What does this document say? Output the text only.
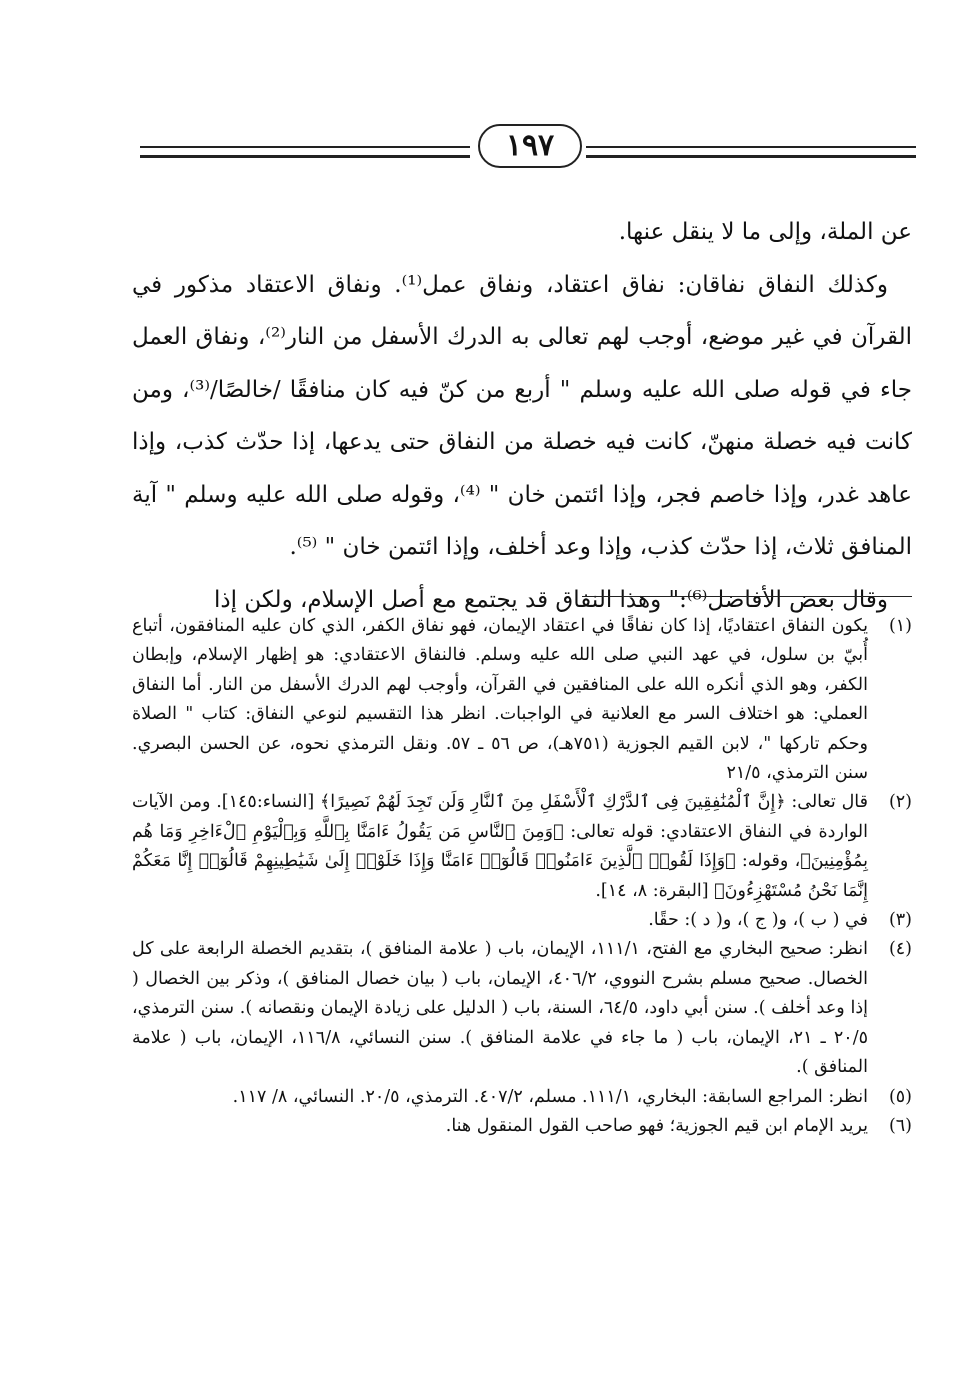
١٩٧

عن الملة، وإلى ما لا ينقل عنها.

وكذلك النفاق نفاقان: نفاق اعتقاد، ونفاق عمل⁽¹⁾. ونفاق الاعتقاد مذكور في القرآن في غير موضع، أوجب لهم تعالى به الدرك الأسفل من النار⁽²⁾، ونفاق العمل جاء في قوله صلى الله عليه وسلم " أربع من كنّ فيه كان منافقًا /خالصًا/⁽³⁾، ومن كانت فيه خصلة منهنّ، كانت فيه خصلة من النفاق حتى يدعها، إذا حدّث كذب، وإذا عاهد غدر، وإذا خاصم فجر، وإذا ائتمن خان " ⁽⁴⁾، وقوله صلى الله عليه وسلم " آية المنافق ثلاث، إذا حدّث كذب، وإذا وعد أخلف، وإذا ائتمن خان " ⁽⁵⁾.

وقال بعض الأفاضل⁽⁶⁾:" وهذا النفاق قد يجتمع مع أصل الإسلام، ولكن إذا

(١)
يكون النفاق اعتقاديًا، إذا كان نفاقًا في اعتقاد الإيمان، فهو نفاق الكفر، الذي كان عليه المنافقون، أتباع أُبيّ بن سلول، في عهد النبي صلى الله عليه وسلم. فالنفاق الاعتقادي: هو إظهار الإسلام، وإبطان الكفر، وهو الذي أنكره الله على المنافقين في القرآن، وأوجب لهم الدرك الأسفل من النار. أما النفاق العملي: هو اختلاف السر مع العلانية في الواجبات. انظر هذا التقسيم لنوعي النفاق: كتاب " الصلاة وحكم تاركها "، لابن القيم الجوزية (٧٥١هـ)، ص ٥٦ ـ ٥٧. ونقل الترمذي نحوه، عن الحسن البصري. سنن الترمذي، ٢١/٥
(٢)
قال تعالى: ﴿إِنَّ ٱلْمُنَٰفِقِينَ فِى ٱلدَّرْكِ ٱلْأَسْفَلِ مِنَ ٱلنَّارِ وَلَن تَجِدَ لَهُمْ نَصِيرًا﴾ [النساء:١٤٥]. ومن الآيات الواردة في النفاق الاعتقادي: قوله تعالى: ﴿وَمِنَ ٱلنَّاسِ مَن يَقُولُ ءَامَنَّا بِٱللَّهِ وَبِٱلْيَوْمِ ٱلْءَاخِرِ وَمَا هُم بِمُؤْمِنِينَ﴾، وقوله: ﴿وَإِذَا لَقُوا۟ ٱلَّذِينَ ءَامَنُوا۟ قَالُوٓا۟ ءَامَنَّا وَإِذَا خَلَوْا۟ إِلَىٰ شَيَٰطِينِهِمْ قَالُوٓا۟ إِنَّا مَعَكُمْ إِنَّمَا نَحْنُ مُسْتَهْزِءُونَ﴾ [البقرة: ٨، ١٤].
(٣)
في ( ب )، و( ج )، و( د ): حقًا.
(٤)
انظر: صحيح البخاري مع الفتح، ١١١/١، الإيمان، باب ( علامة المنافق )، بتقديم الخصلة الرابعة على كل الخصال. صحيح مسلم بشرح النووي، ٤٠٦/٢، الإيمان، باب ( بيان خصال المنافق )، وذكر بين الخصال ( إذا وعد أخلف ). سنن أبي داود، ٦٤/٥، السنة، باب ( الدليل على زيادة الإيمان ونقصانه ). سنن الترمذي، ٢٠/٥ ـ ٢١، الإيمان، باب ( ما جاء في علامة المنافق ). سنن النسائي، ١١٦/٨، الإيمان، باب ( علامة المنافق ).
(٥)
انظر: المراجع السابقة: البخاري، ١١١/١. مسلم، ٤٠٧/٢. الترمذي، ٢٠/٥. النسائي، ٨/ ١١٧.
(٦)
يريد الإمام ابن قيم الجوزية؛ فهو صاحب القول المنقول هنا.
